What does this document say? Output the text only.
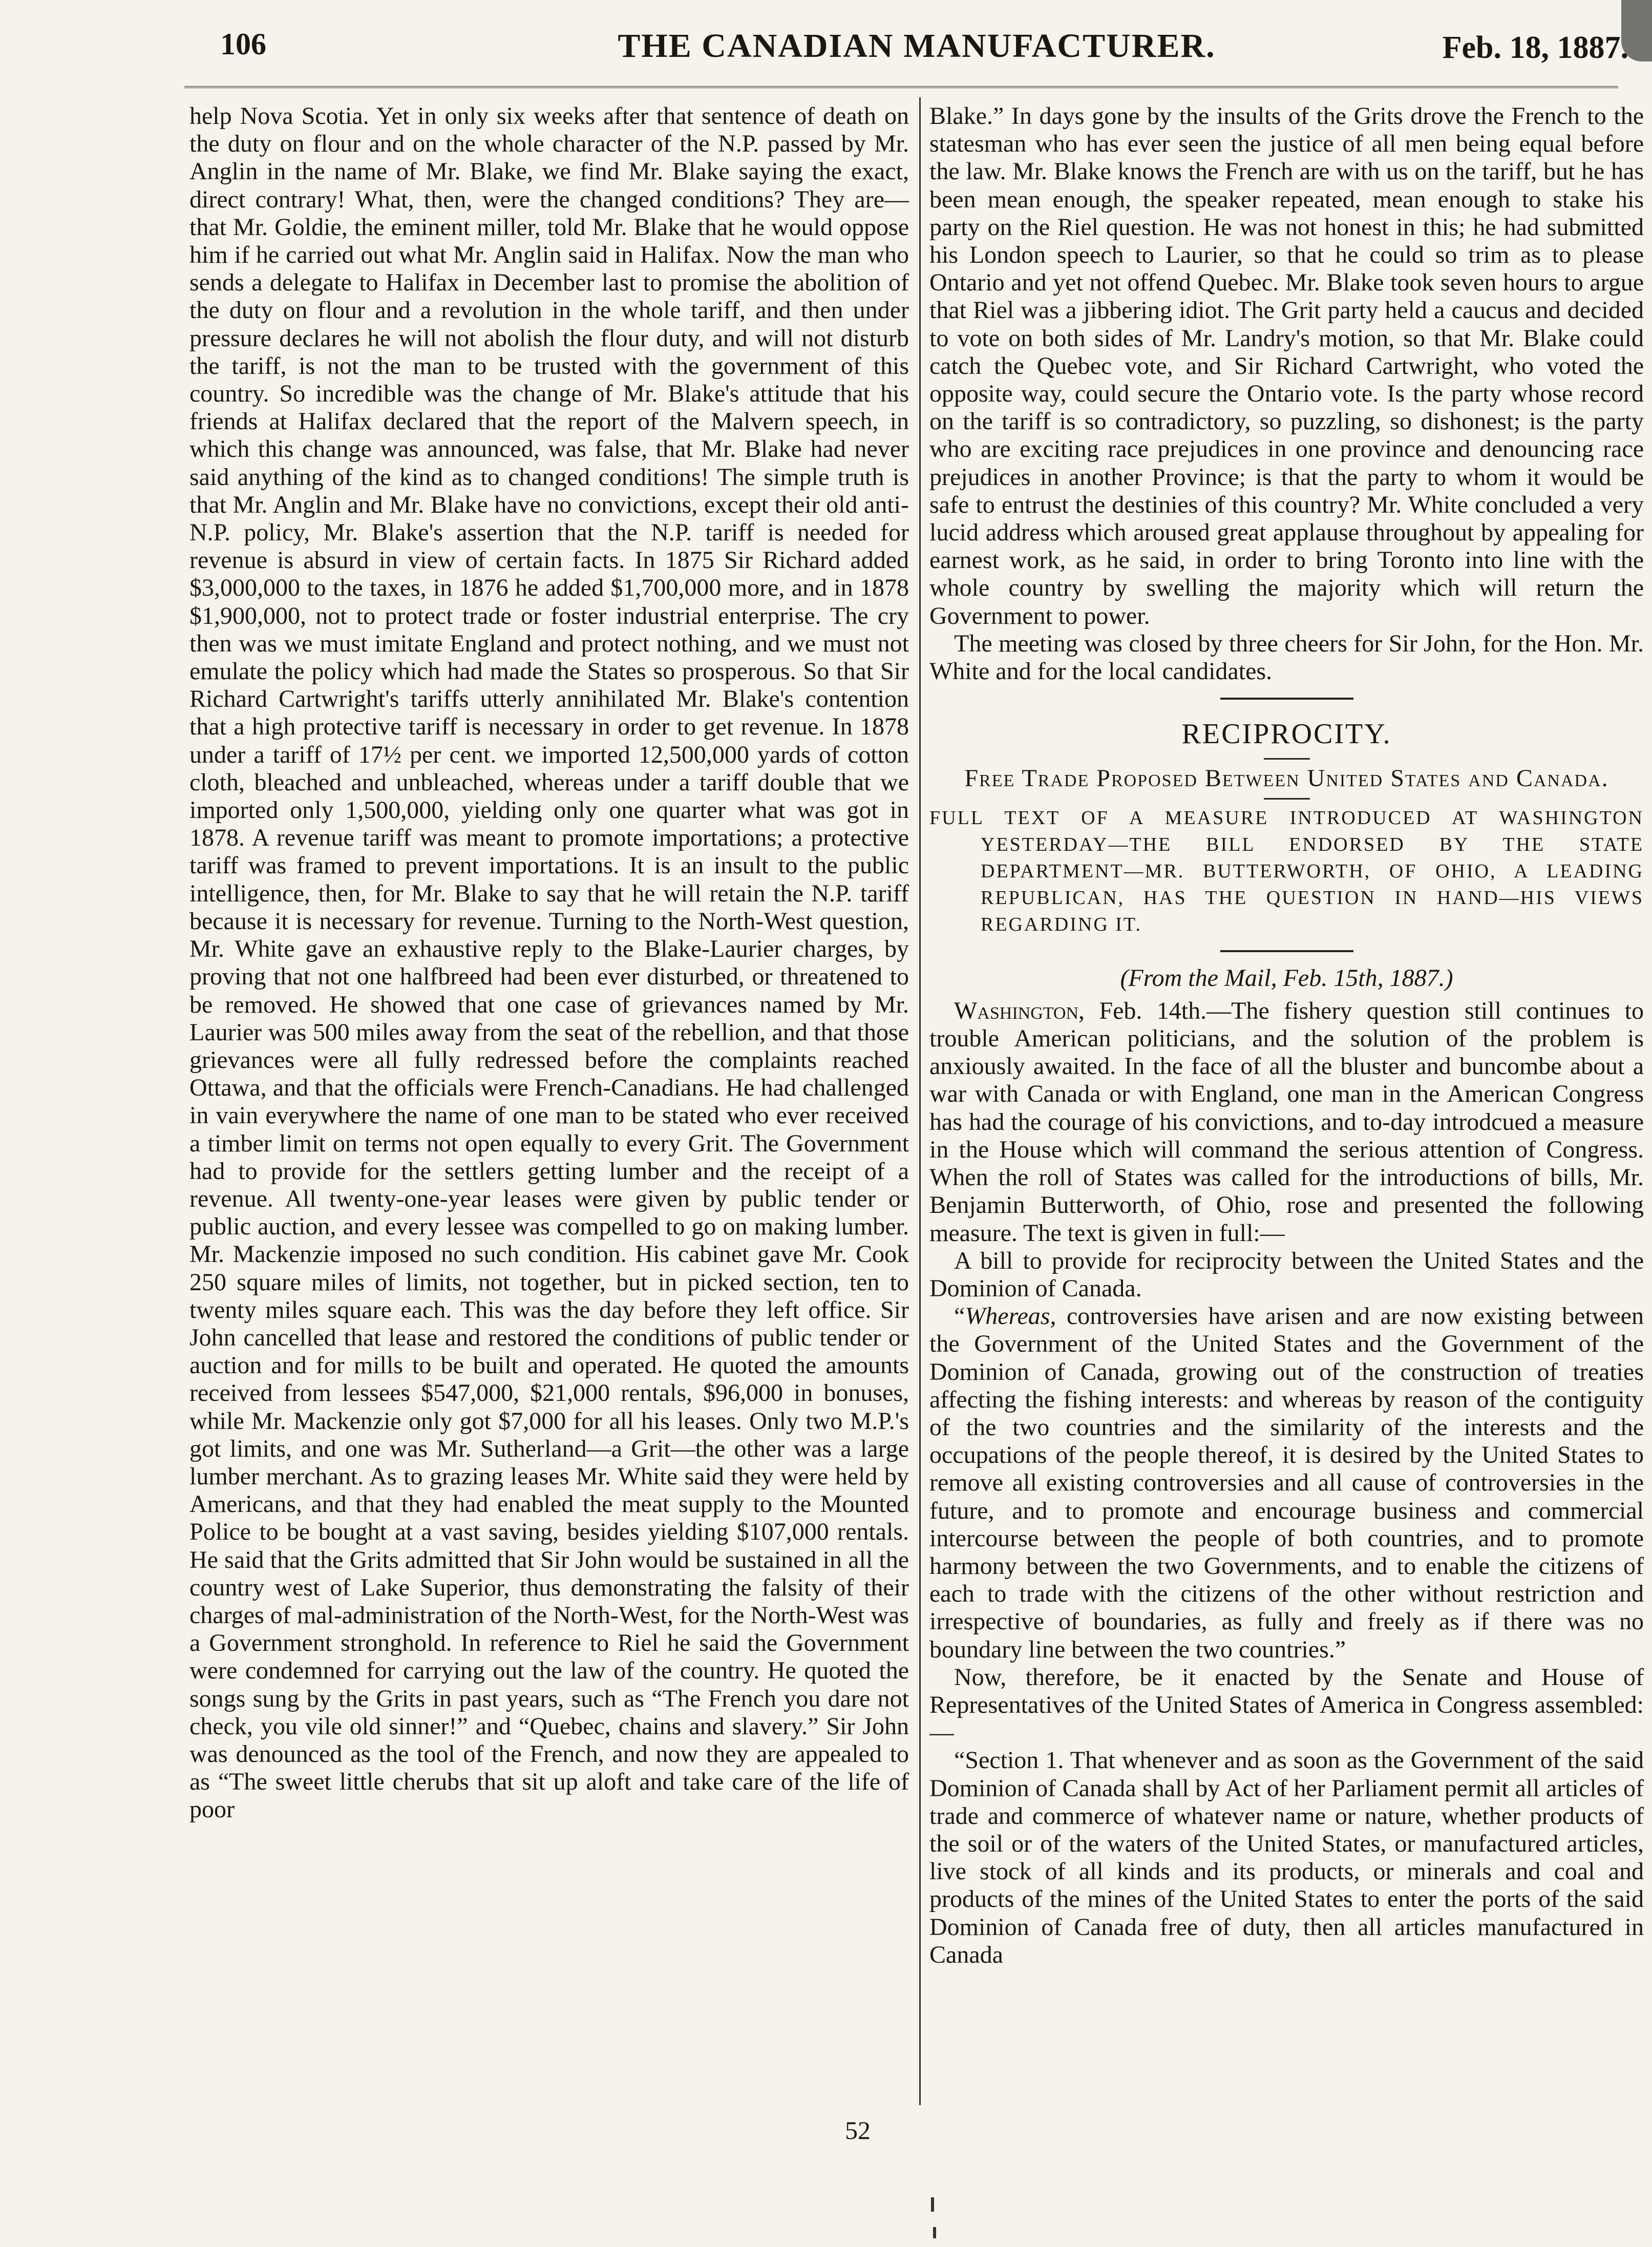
106	THE CANADIAN MANUFACTURER.	Feb. 18, 1887.

help Nova Scotia. Yet in only six weeks after that sentence of death on the duty on flour and on the whole character of the N.P. passed by Mr. Anglin in the name of Mr. Blake, we find Mr. Blake saying the exact, direct contrary! What, then, were the changed conditions? They are—that Mr. Goldie, the eminent miller, told Mr. Blake that he would oppose him if he carried out what Mr. Anglin said in Halifax. Now the man who sends a delegate to Halifax in December last to promise the abolition of the duty on flour and a revolution in the whole tariff, and then under pressure declares he will not abolish the flour duty, and will not disturb the tariff, is not the man to be trusted with the government of this country. So incredible was the change of Mr. Blake's attitude that his friends at Halifax declared that the report of the Malvern speech, in which this change was announced, was false, that Mr. Blake had never said anything of the kind as to changed conditions! The simple truth is that Mr. Anglin and Mr. Blake have no convictions, except their old anti-N.P. policy, Mr. Blake's assertion that the N.P. tariff is needed for revenue is absurd in view of certain facts. In 1875 Sir Richard added $3,000,000 to the taxes, in 1876 he added $1,700,000 more, and in 1878 $1,900,000, not to protect trade or foster industrial enterprise. The cry then was we must imitate England and protect nothing, and we must not emulate the policy which had made the States so prosperous. So that Sir Richard Cartwright's tariffs utterly annihilated Mr. Blake's contention that a high protective tariff is necessary in order to get revenue. In 1878 under a tariff of 17½ per cent. we imported 12,500,000 yards of cotton cloth, bleached and unbleached, whereas under a tariff double that we imported only 1,500,000, yielding only one quarter what was got in 1878. A revenue tariff was meant to promote importations; a protective tariff was framed to prevent importations. It is an insult to the public intelligence, then, for Mr. Blake to say that he will retain the N.P. tariff because it is necessary for revenue. Turning to the North-West question, Mr. White gave an exhaustive reply to the Blake-Laurier charges, by proving that not one halfbreed had been ever disturbed, or threatened to be removed. He showed that one case of grievances named by Mr. Laurier was 500 miles away from the seat of the rebellion, and that those grievances were all fully redressed before the complaints reached Ottawa, and that the officials were French-Canadians. He had challenged in vain everywhere the name of one man to be stated who ever received a timber limit on terms not open equally to every Grit. The Government had to provide for the settlers getting lumber and the receipt of a revenue. All twenty-one-year leases were given by public tender or public auction, and every lessee was compelled to go on making lumber. Mr. Mackenzie imposed no such condition. His cabinet gave Mr. Cook 250 square miles of limits, not together, but in picked section, ten to twenty miles square each. This was the day before they left office. Sir John cancelled that lease and restored the conditions of public tender or auction and for mills to be built and operated. He quoted the amounts received from lessees $547,000, $21,000 rentals, $96,000 in bonuses, while Mr. Mackenzie only got $7,000 for all his leases. Only two M.P.'s got limits, and one was Mr. Sutherland—a Grit—the other was a large lumber merchant. As to grazing leases Mr. White said they were held by Americans, and that they had enabled the meat supply to the Mounted Police to be bought at a vast saving, besides yielding $107,000 rentals. He said that the Grits admitted that Sir John would be sustained in all the country west of Lake Superior, thus demonstrating the falsity of their charges of mal-administration of the North-West, for the North-West was a Government stronghold. In reference to Riel he said the Government were condemned for carrying out the law of the country. He quoted the songs sung by the Grits in past years, such as “The French you dare not check, you vile old sinner!” and “Quebec, chains and slavery.” Sir John was denounced as the tool of the French, and now they are appealed to as “The sweet little cherubs that sit up aloft and take care of the life of poor

Blake.” In days gone by the insults of the Grits drove the French to the statesman who has ever seen the justice of all men being equal before the law. Mr. Blake knows the French are with us on the tariff, but he has been mean enough, the speaker repeated, mean enough to stake his party on the Riel question. He was not honest in this; he had submitted his London speech to Laurier, so that he could so trim as to please Ontario and yet not offend Quebec. Mr. Blake took seven hours to argue that Riel was a jibbering idiot. The Grit party held a caucus and decided to vote on both sides of Mr. Landry's motion, so that Mr. Blake could catch the Quebec vote, and Sir Richard Cartwright, who voted the opposite way, could secure the Ontario vote. Is the party whose record on the tariff is so contradictory, so puzzling, so dishonest; is the party who are exciting race prejudices in one province and denouncing race prejudices in another Province; is that the party to whom it would be safe to entrust the destinies of this country? Mr. White concluded a very lucid address which aroused great applause throughout by appealing for earnest work, as he said, in order to bring Toronto into line with the whole country by swelling the majority which will return the Government to power.

The meeting was closed by three cheers for Sir John, for the Hon. Mr. White and for the local candidates.

RECIPROCITY.

Free Trade Proposed Between United States and Canada.

FULL TEXT OF A MEASURE INTRODUCED AT WASHINGTON YESTERDAY—THE BILL ENDORSED BY THE STATE DEPARTMENT—MR. BUTTERWORTH, OF OHIO, A LEADING REPUBLICAN, HAS THE QUESTION IN HAND—HIS VIEWS REGARDING IT.

(From the Mail, Feb. 15th, 1887.)

Washington, Feb. 14th.—The fishery question still continues to trouble American politicians, and the solution of the problem is anxiously awaited. In the face of all the bluster and buncombe about a war with Canada or with England, one man in the American Congress has had the courage of his convictions, and to-day introdcued a measure in the House which will command the serious attention of Congress. When the roll of States was called for the introductions of bills, Mr. Benjamin Butterworth, of Ohio, rose and presented the following measure. The text is given in full:—

A bill to provide for reciprocity between the United States and the Dominion of Canada.

“Whereas, controversies have arisen and are now existing between the Government of the United States and the Government of the Dominion of Canada, growing out of the construction of treaties affecting the fishing interests: and whereas by reason of the contiguity of the two countries and the similarity of the interests and the occupations of the people thereof, it is desired by the United States to remove all existing controversies and all cause of controversies in the future, and to promote and encourage business and commercial intercourse between the people of both countries, and to promote harmony between the two Governments, and to enable the citizens of each to trade with the citizens of the other without restriction and irrespective of boundaries, as fully and freely as if there was no boundary line between the two countries.”

Now, therefore, be it enacted by the Senate and House of Representatives of the United States of America in Congress assembled:—

“Section 1. That whenever and as soon as the Government of the said Dominion of Canada shall by Act of her Parliament permit all articles of trade and commerce of whatever name or nature, whether products of the soil or of the waters of the United States, or manufactured articles, live stock of all kinds and its products, or minerals and coal and products of the mines of the United States to enter the ports of the said Dominion of Canada free of duty, then all articles manufactured in Canada

52
